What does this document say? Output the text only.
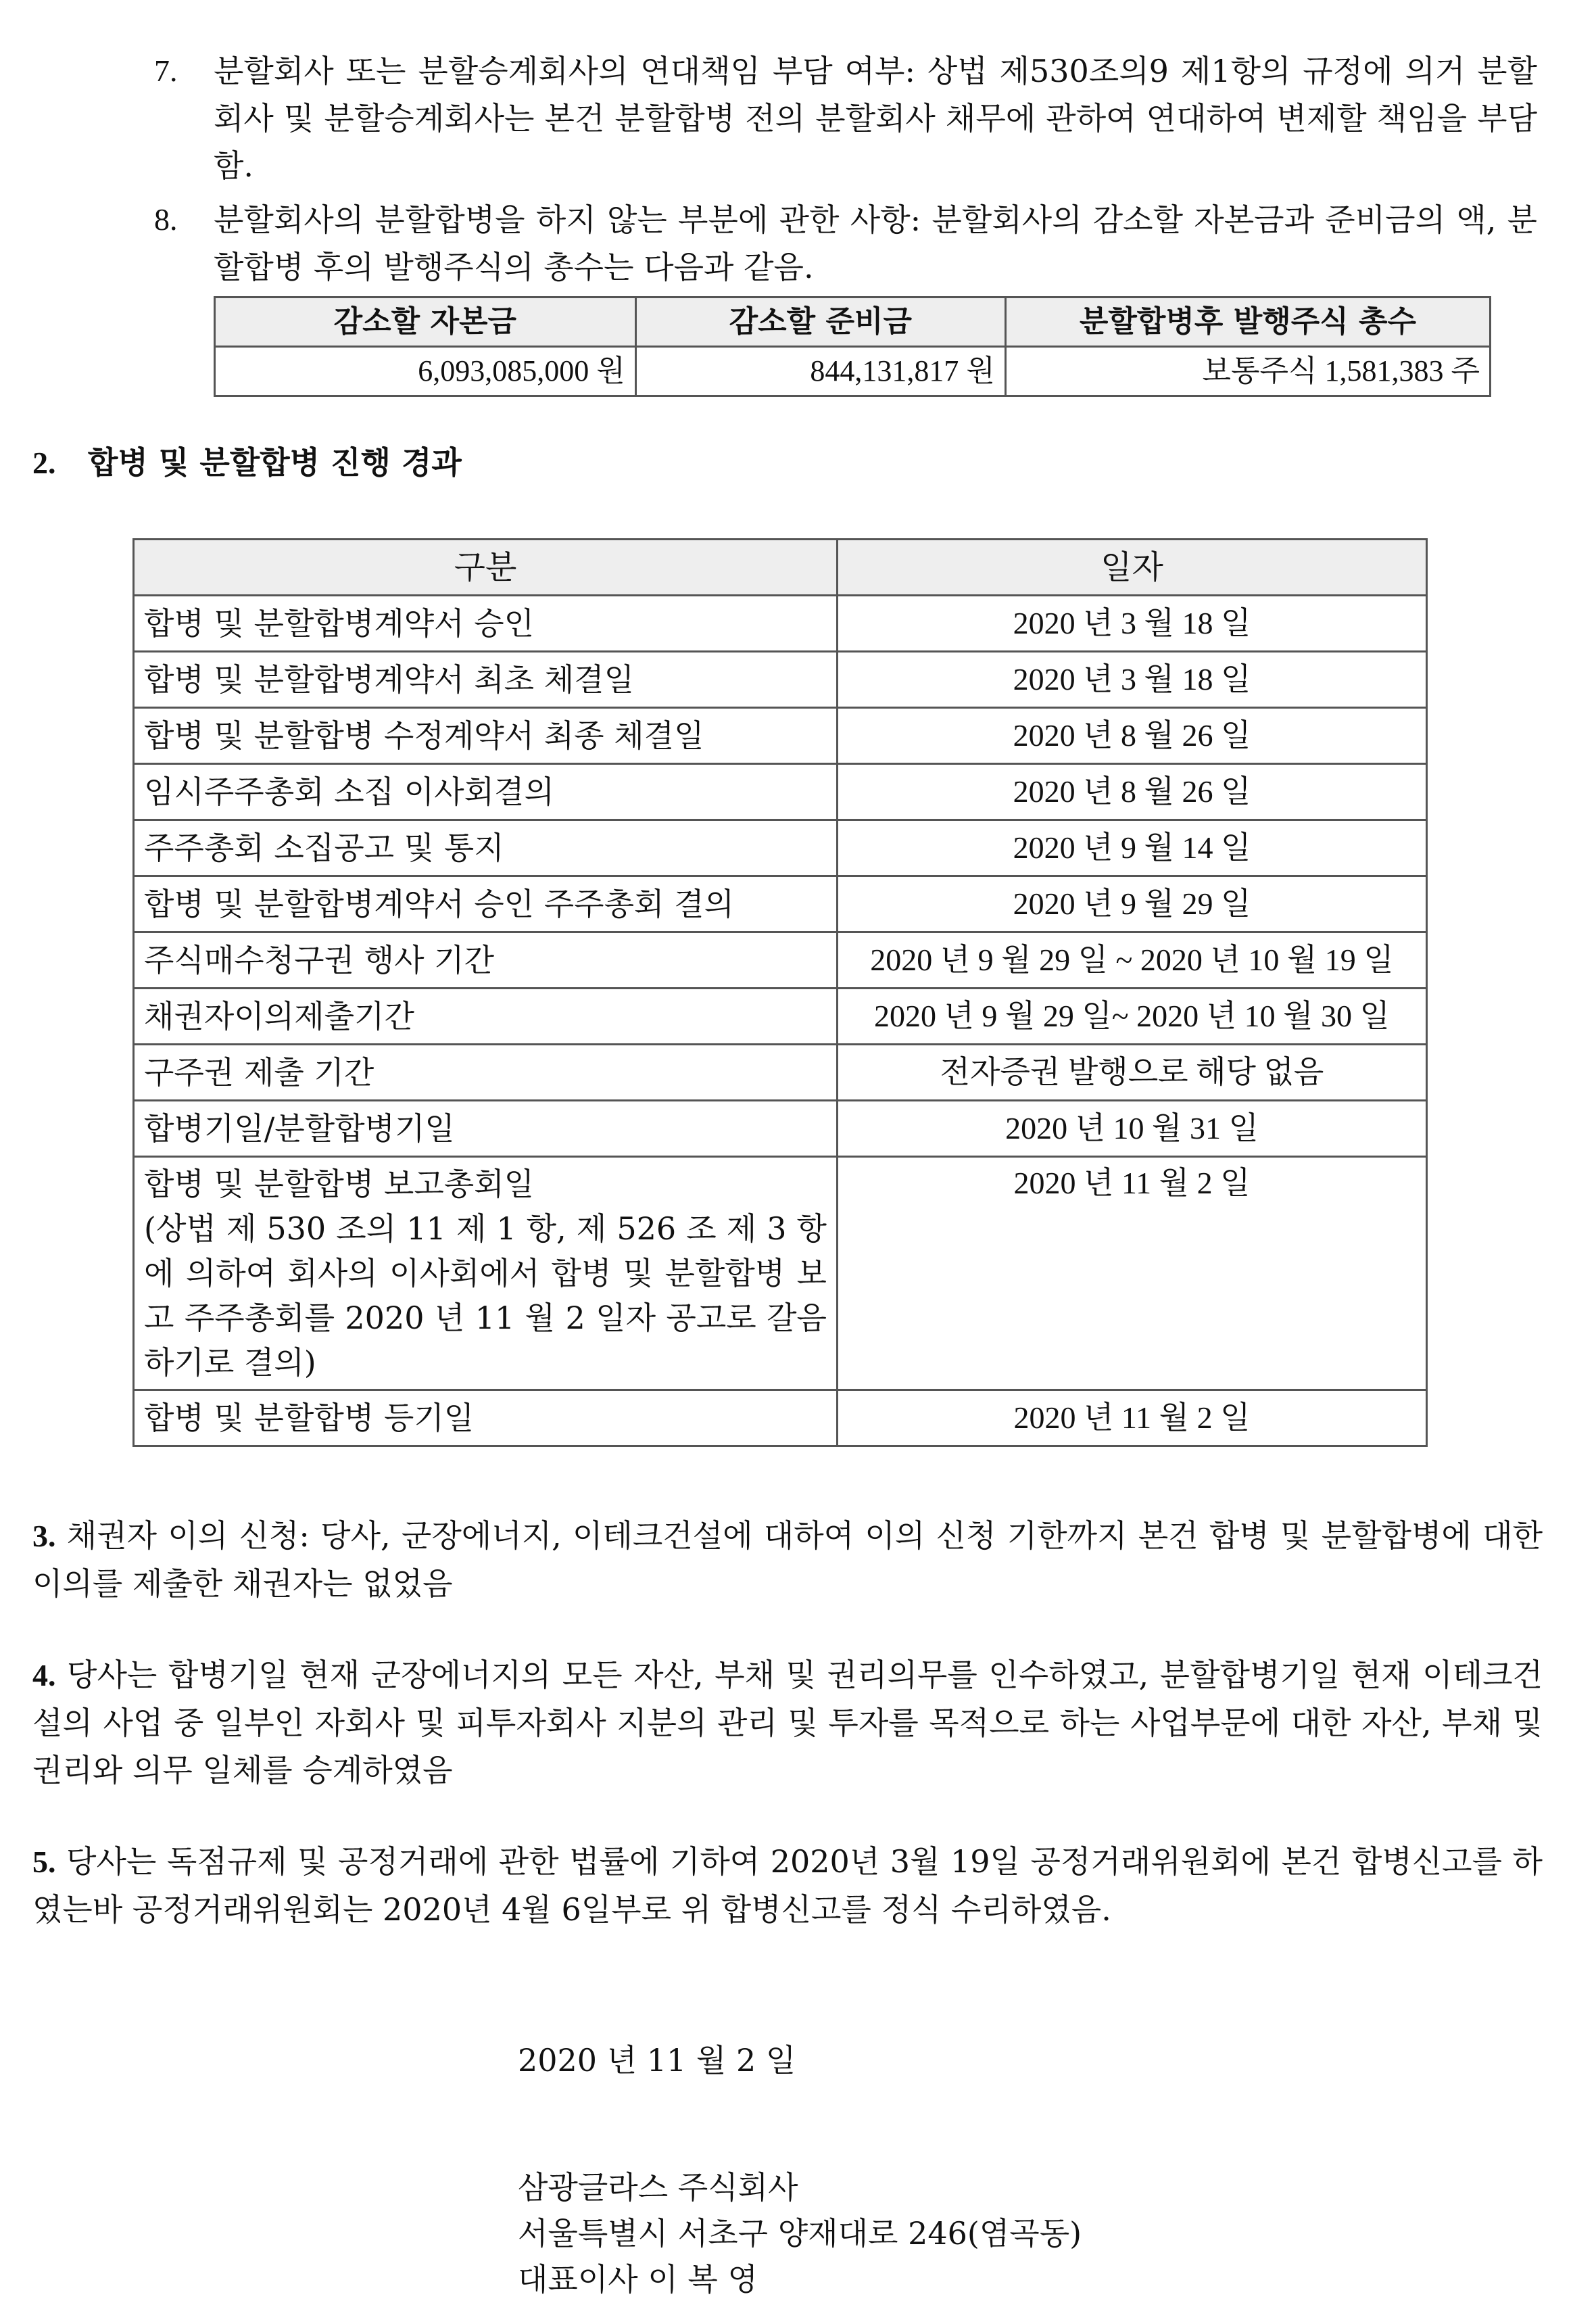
7. 분할회사 또는 분할승계회사의 연대책임 부담 여부: 상법 제530조의9 제1항의 규정에 의거 분할회사 및 분할승계회사는 본건 분할합병 전의 분할회사 채무에 관하여 연대하여 변제할 책임을 부담함.
8. 분할회사의 분할합병을 하지 않는 부분에 관한 사항: 분할회사의 감소할 자본금과 준비금의 액, 분할합병 후의 발행주식의 총수는 다음과 같음.
감소할 자본금	감소할 준비금	분할합병후 발행주식 총수
6,093,085,000 원	844,131,817 원	보통주식 1,581,383 주
2. 합병 및 분할합병 진행 경과
구분	일자
합병 및 분할합병계약서 승인	2020 년 3 월 18 일
합병 및 분할합병계약서 최초 체결일	2020 년 3 월 18 일
합병 및 분할합병 수정계약서 최종 체결일	2020 년 8 월 26 일
임시주주총회 소집 이사회결의	2020 년 8 월 26 일
주주총회 소집공고 및 통지	2020 년 9 월 14 일
합병 및 분할합병계약서 승인 주주총회 결의	2020 년 9 월 29 일
주식매수청구권 행사 기간	2020 년 9 월 29 일 ~ 2020 년 10 월 19 일
채권자이의제출기간	2020 년 9 월 29 일~ 2020 년 10 월 30 일
구주권 제출 기간	전자증권 발행으로 해당 없음
합병기일/분할합병기일	2020 년 10 월 31 일

합병 및 분할합병 보고총회일
(상법 제 530 조의 11 제 1 항, 제 526 조 제 3 항에 의하여 회사의 이사회에서 합병 및 분할합병 보고 주주총회를 2020 년 11 월 2 일자 공고로 갈음하기로 결의)	2020 년 11 월 2 일
합병 및 분할합병 등기일	2020 년 11 월 2 일
3. 채권자 이의 신청: 당사, 군장에너지, 이테크건설에 대하여 이의 신청 기한까지 본건 합병 및 분할합병에 대한 이의를 제출한 채권자는 없었음
4. 당사는 합병기일 현재 군장에너지의 모든 자산, 부채 및 권리의무를 인수하였고, 분할합병기일 현재 이테크건설의 사업 중 일부인 자회사 및 피투자회사 지분의 관리 및 투자를 목적으로 하는 사업부문에 대한 자산, 부채 및 권리와 의무 일체를 승계하였음
5. 당사는 독점규제 및 공정거래에 관한 법률에 기하여 2020년 3월 19일 공정거래위원회에 본건 합병신고를 하였는바 공정거래위원회는 2020년 4월 6일부로 위 합병신고를 정식 수리하였음.
2020 년 11 월 2 일
삼광글라스 주식회사
서울특별시 서초구 양재대로 246(염곡동)
대표이사 이 복 영
